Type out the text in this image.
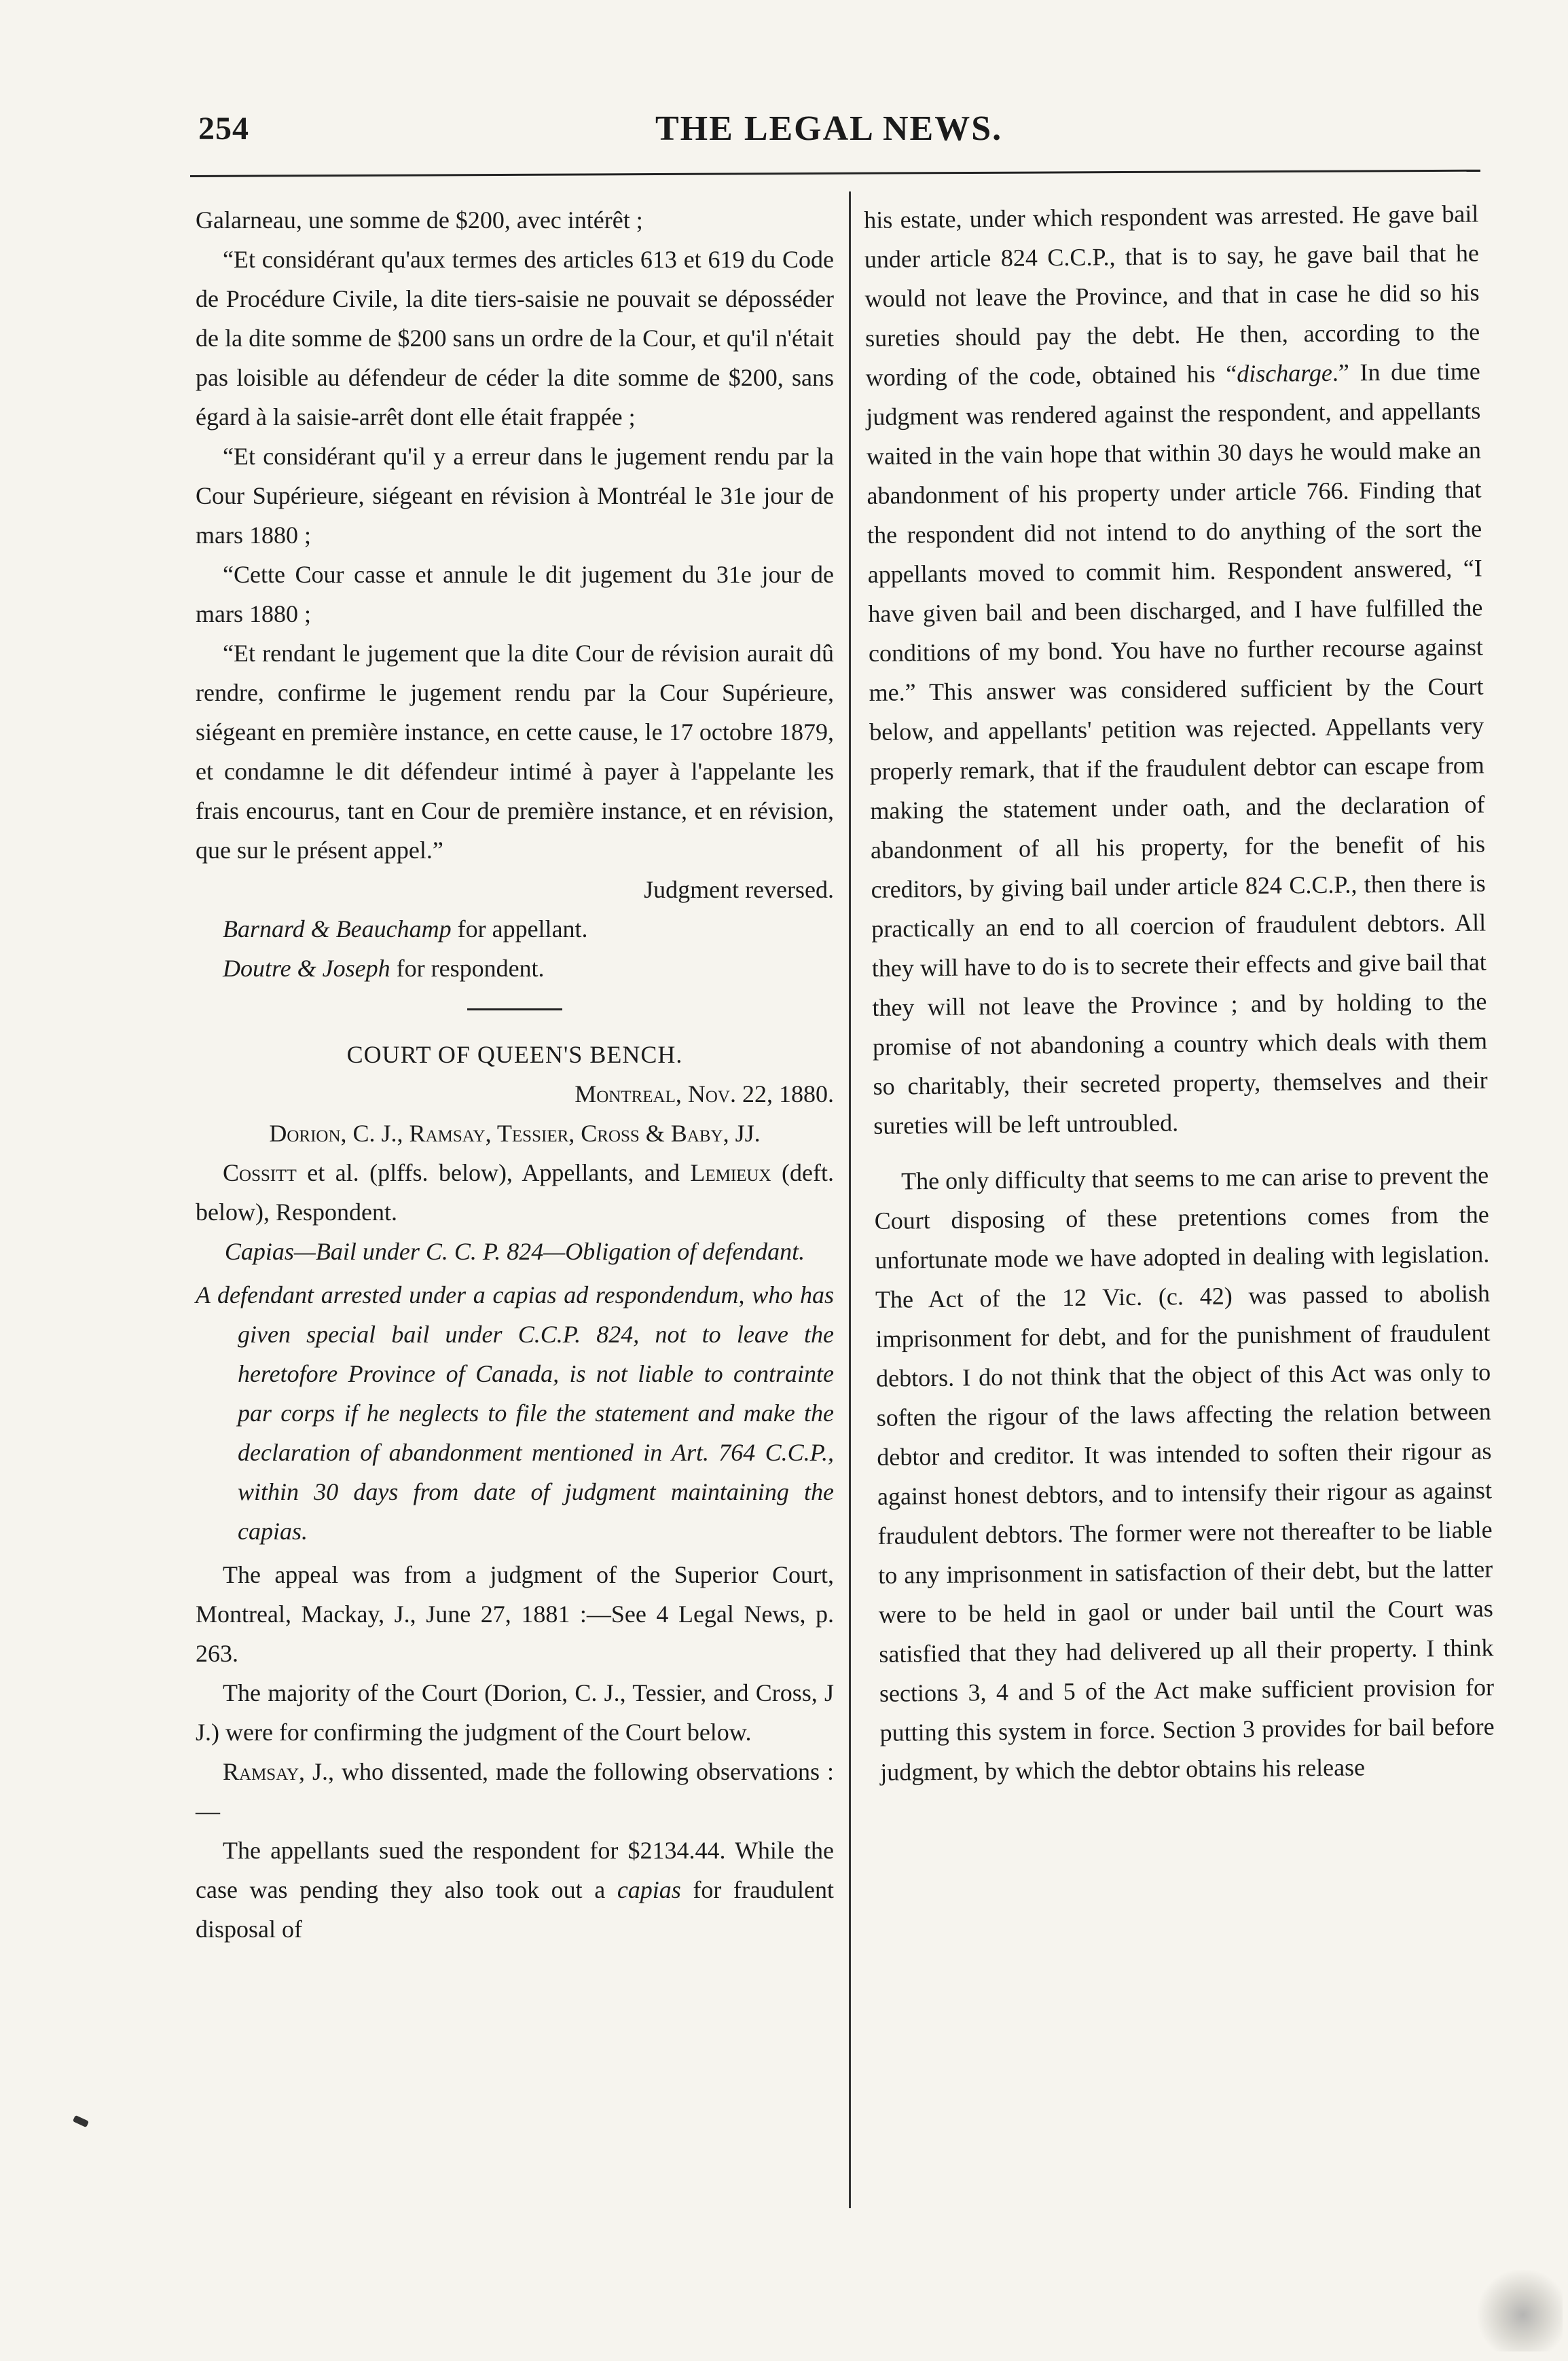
254	THE LEGAL NEWS.

Galarneau, une somme de $200, avec intérêt ;

“Et considérant qu'aux termes des articles 613 et 619 du Code de Procédure Civile, la dite tiers-saisie ne pouvait se déposséder de la dite somme de $200 sans un ordre de la Cour, et qu'il n'était pas loisible au défendeur de céder la dite somme de $200, sans égard à la saisie-arrêt dont elle était frappée ;

“Et considérant qu'il y a erreur dans le jugement rendu par la Cour Supérieure, siégeant en révision à Montréal le 31e jour de mars 1880 ;

“Cette Cour casse et annule le dit jugement du 31e jour de mars 1880 ;

“Et rendant le jugement que la dite Cour de révision aurait dû rendre, confirme le jugement rendu par la Cour Supérieure, siégeant en première instance, en cette cause, le 17 octobre 1879, et condamne le dit défendeur intimé à payer à l'appelante les frais encourus, tant en Cour de première instance, et en révision, que sur le présent appel.”

Judgment reversed.

Barnard & Beauchamp for appellant.

Doutre & Joseph for respondent.

COURT OF QUEEN'S BENCH.

Montreal, Nov. 22, 1880.

Dorion, C. J., Ramsay, Tessier, Cross & Baby, JJ.

Cossitt et al. (plffs. below), Appellants, and Lemieux (deft. below), Respondent.

Capias—Bail under C. C. P. 824—Obligation of defendant.

A defendant arrested under a capias ad respondendum, who has given special bail under C.C.P. 824, not to leave the heretofore Province of Canada, is not liable to contrainte par corps if he neglects to file the statement and make the declaration of abandonment mentioned in Art. 764 C.C.P., within 30 days from date of judgment maintaining the capias.

The appeal was from a judgment of the Superior Court, Montreal, Mackay, J., June 27, 1881 :—See 4 Legal News, p. 263.

The majority of the Court (Dorion, C. J., Tessier, and Cross, J J.) were for confirming the judgment of the Court below.

Ramsay, J., who dissented, made the following observations :—

The appellants sued the respondent for $2134.44. While the case was pending they also took out a capias for fraudulent disposal of

his estate, under which respondent was arrested. He gave bail under article 824 C.C.P., that is to say, he gave bail that he would not leave the Province, and that in case he did so his sureties should pay the debt. He then, according to the wording of the code, obtained his “discharge.” In due time judgment was rendered against the respondent, and appellants waited in the vain hope that within 30 days he would make an abandonment of his property under article 766. Finding that the respondent did not intend to do anything of the sort the appellants moved to commit him. Respondent answered, “I have given bail and been discharged, and I have fulfilled the conditions of my bond. You have no further recourse against me.” This answer was considered sufficient by the Court below, and appellants' petition was rejected. Appellants very properly remark, that if the fraudulent debtor can escape from making the statement under oath, and the declaration of abandonment of all his property, for the benefit of his creditors, by giving bail under article 824 C.C.P., then there is practically an end to all coercion of fraudulent debtors. All they will have to do is to secrete their effects and give bail that they will not leave the Province ; and by holding to the promise of not abandoning a country which deals with them so charitably, their secreted property, themselves and their sureties will be left untroubled.

The only difficulty that seems to me can arise to prevent the Court disposing of these pretentions comes from the unfortunate mode we have adopted in dealing with legislation. The Act of the 12 Vic. (c. 42) was passed to abolish imprisonment for debt, and for the punishment of fraudulent debtors. I do not think that the object of this Act was only to soften the rigour of the laws affecting the relation between debtor and creditor. It was intended to soften their rigour as against honest debtors, and to intensify their rigour as against fraudulent debtors. The former were not thereafter to be liable to any imprisonment in satisfaction of their debt, but the latter were to be held in gaol or under bail until the Court was satisfied that they had delivered up all their property. I think sections 3, 4 and 5 of the Act make sufficient provision for putting this system in force. Section 3 provides for bail before judgment, by which the debtor obtains his release
